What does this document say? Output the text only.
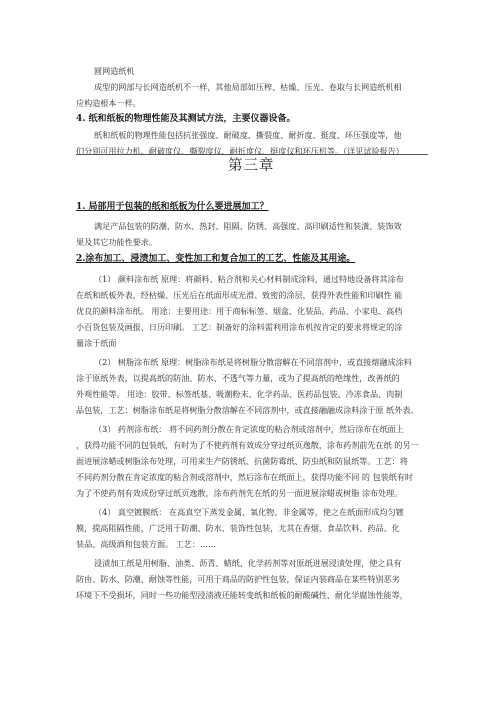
圆网造纸机
成型的网部与长网造纸机不一样，其他局部如压榨、枯燥、压光、卷取与长网造纸机相
应构造根本一样。
4. 纸和纸板的物理性能及其测试方法，主要仪器设备。
纸和纸板的物理性能包括抗张强度、耐破度、撕裂度、耐折度、挺度、环压强度等，他
们分别可用拉力机、耐破度仪、撕裂度仪、耐折度仪、挺度仪和环压机等。（详见试验报告）
第三章
1. 局部用于包装的纸和纸板为什么要进展加工？
满足产品包装的防潮、防水、热封、阻隔、防锈、高强度、高印刷适性和装潢、装饰效
果及其它功能性要求。
2.涂布加工、浸渍加工、变性加工和复合加工的工艺、性能及其用途。
（1） 颜料涂布纸 原理：将颜料、粘合剂和关心材料制成涂料，通过特地设备将其涂布
在纸和纸板外表，经枯燥、压光后在纸面形成光滑、致密的涂层，获得外表性能和印刷性 能
优良的颜料涂布纸。 用途：主要用途：用于商标标签、烟盒、化装品、药品、小家电、高档
小百货包装及画报、日历印刷。 工艺：制备好的涂料需利用涂布机按肯定的要求将规定的涂
量涂于纸面
（2） 树脂涂布纸 原理：树脂涂布纸是将树脂分散溶解在不同溶剂中，或直接熔融成涂料
涂于原纸外表，以提高纸的防油、防水、不透气等力量，或为了提高纸的绝缘性，改善纸的
外观性能等。 用途：胶带、标签纸基、吸潮粉末、化学药品、医药品包装、冷冻食品、肉制
品包装，工艺：树脂涂布纸是将树脂分散溶解在不同溶剂中，或直接融融成涂料涂于原 纸外表。
（3） 药剂涂布纸： 将不同药剂分散在肯定浓度的粘合剂或溶剂中，然后涂布在纸面上
，获得功能不同的包装纸，有时为了不使药剂有效成分穿过纸页逸散，涂布药剂前先在纸 的另一
面进展涂蜡或树脂涂布处理，可用来生产防锈纸、抗菌防霉纸、防虫纸和防鼠纸等。工艺：将
不同药剂分散在肯定浓度的粘合剂或溶剂中，然后涂布在纸面上，获得功能不同 的 包装纸有时
为了不使药剂有效成份穿过纸页逸散，涂布药剂先在纸的另一面进展涂蜡或树脂 涂布处理。
（4） 真空镀膜纸： 在高真空下蒸发金属、氧化物、非金属等，使之在纸面形成均匀镀
膜，提高阻隔性能，广泛用于防潮、防水、装饰性包装，尤其在香烟、食品饮料、药品、化
装品、高级酒和包装方面。 工艺：……
浸渍加工纸是用树脂、油类、沥青、蜡纸、化学药剂等对原纸进展浸渍处理，使之具有
防由、防水、防潮、耐蚀等性能，可用于商品的防护性包装，保证内装商品在某些特别恶劣
环境下不受损坏，同时一些功能型浸渍液还能转变纸和纸板的耐酸碱性、耐化学腐蚀性能等，
